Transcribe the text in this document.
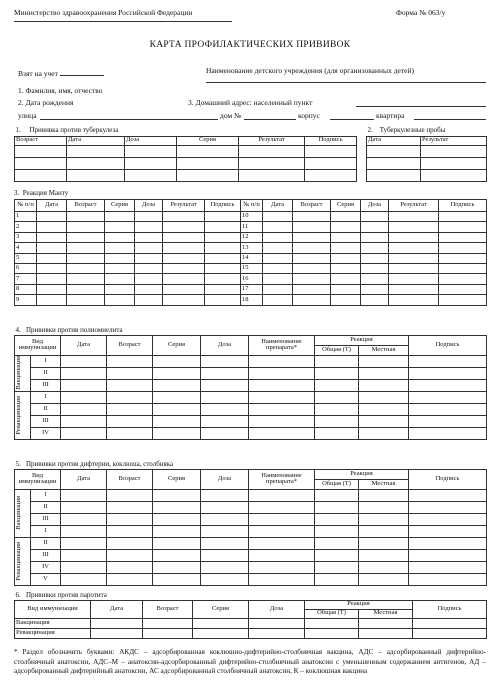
Министерство здравоохранения Российской Федерации	Форма № 063/у
КАРТА ПРОФИЛАКТИЧЕСКИХ ПРИВИВОК
Взят на учет	Наименование детского учреждения (для организованных детей)
1. Фамилия, имя, отчество
2. Дата рождения	3. Домашний адрес: населенный пункт
улица	дом №	корпус	квартира
1. Прививка против туберкулеза					
Возраст	Дата	Доза	Серия	Результат	Подпись

2. Туберкулезные пробы	
Дата	Результат

3. Реакция Манту
№ п/п	Дата	Возраст	Серия	Доза	Результат	Подпись	№ п/п	Дата	Возраст	Серия	Доза	Результат	Подпись
1							10						
2							11						
3							12						
4							13						
5							14						
6							15						
7							16						
8							17						
9							18						
4. Прививки против полиомиелита									
Вид иммунизации		Дата	Возраст	Серия	Доза	Наименование препарата*	Реакция		Подпись
							Общая (Т)	Местная	

Вакцинация	I								
	II								
	III								

Ревакцинация	I								
	II								
	III								
	IV								
5. Прививки против дифтерии, коклюша, столбняка									
Вид иммунизации		Дата	Возраст	Серия	Доза	Наименование препарата*	Реакция		Подпись
							Общая (Т)	Местная	

Вакцинация	I								
	II								
	III								
	I								

Ревакцинация	II								
	III								
	IV								
	V								
6. Прививки против паротита							
Вид иммунизации	Дата	Возраст	Серия	Доза	Реакция		Подпись
					Общая (Т)	Местная	
Вакцинация							
Ревакцинация							
* Раздел обозначить буквами: АКДС – адсорбированная коклюшно-дифтерийно-столбнячная вакцина, АДС – адсорбированный дифтерийно-столбнячный анатоксин, АДС–М – анатоксин-адсорбированный дифтерийно-столбнячный анатоксин с уменьшенным содержанием антигенов, АД – адсорбированный дифтерийный анатоксин, АС адсорбированный столбнячный анатоксин, К – коклюшная вакцина
